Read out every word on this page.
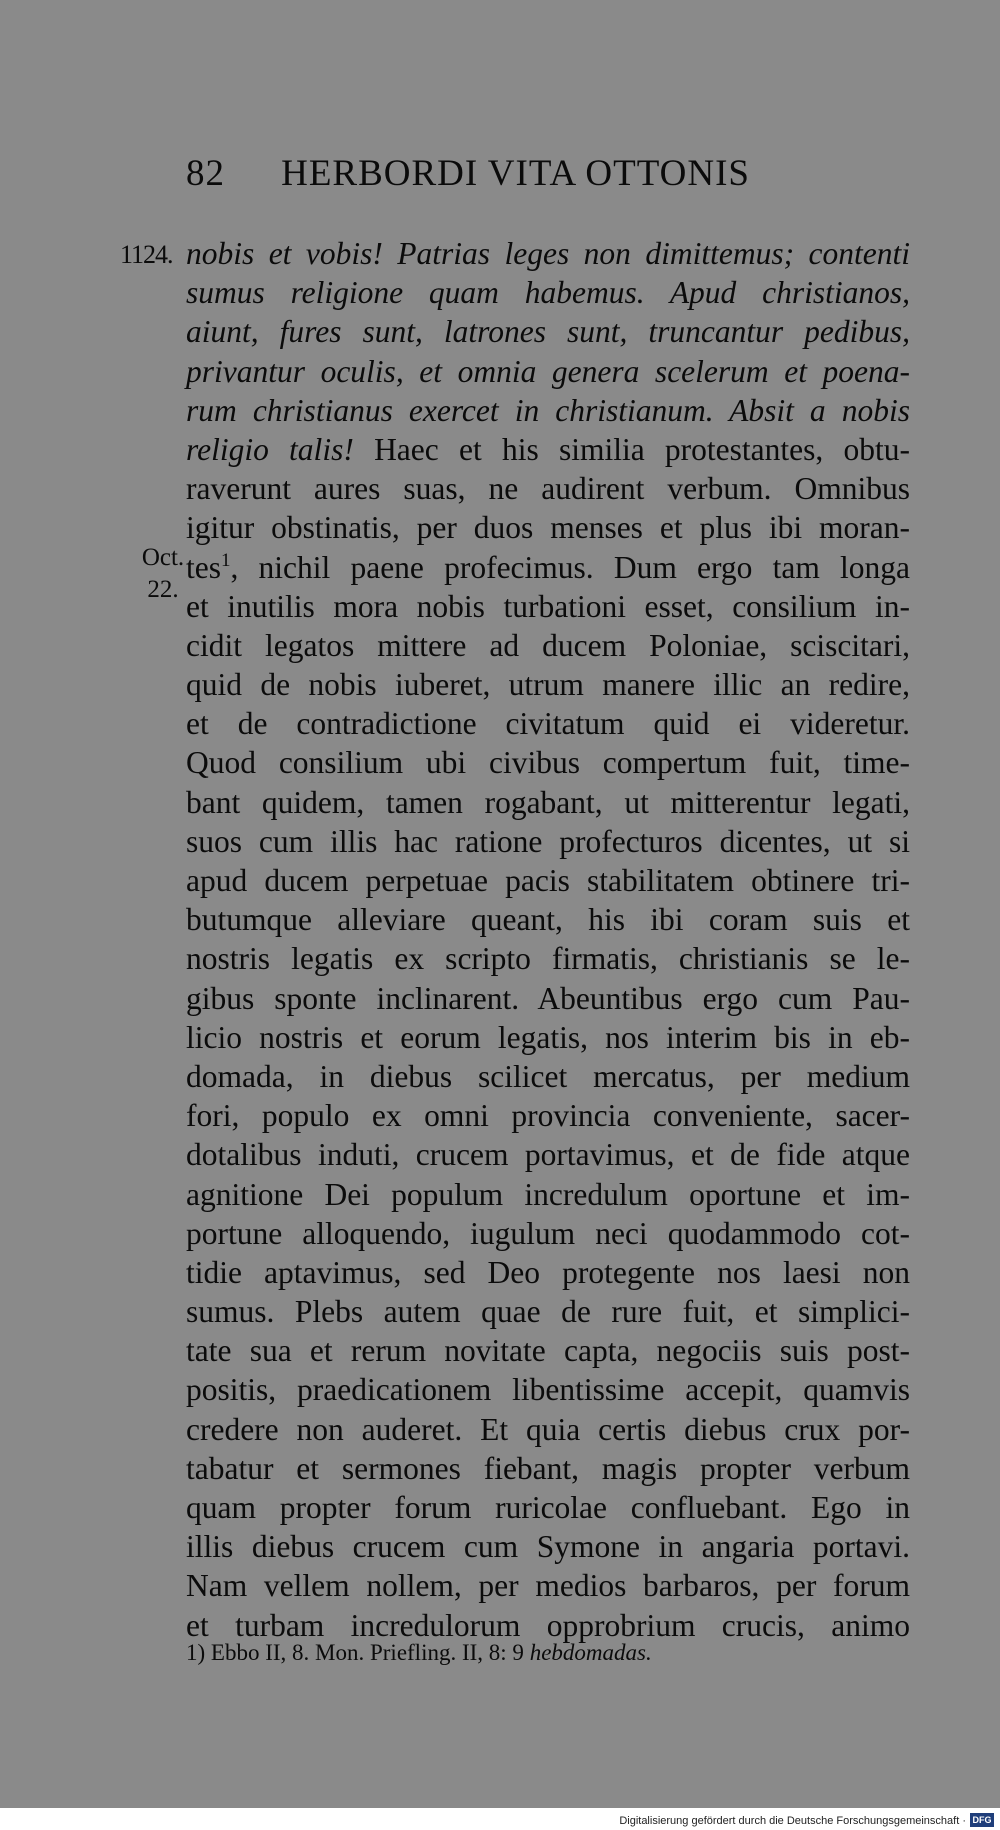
82 HERBORDI VITA OTTONIS
1124.
Oct.
22.
nobis et vobis! Patrias leges non dimittemus; contenti
sumus religione quam habemus. Apud christianos,
aiunt, fures sunt, latrones sunt, truncantur pedibus,
privantur oculis, et omnia genera scelerum et poena-
rum christianus exercet in christianum. Absit a nobis
religio talis! Haec et his similia protestantes, obtu-
raverunt aures suas, ne audirent verbum. Omnibus
igitur obstinatis, per duos menses et plus ibi moran-
tes$^1$, nichil paene profecimus. Dum ergo tam longa
et inutilis mora nobis turbationi esset, consilium in-
cidit legatos mittere ad ducem Poloniae, sciscitari,
quid de nobis iuberet, utrum manere illic an redire,
et de contradictione civitatum quid ei videretur.
Quod consilium ubi civibus compertum fuit, time-
bant quidem, tamen rogabant, ut mitterentur legati,
suos cum illis hac ratione profecturos dicentes, ut si
apud ducem perpetuae pacis stabilitatem obtinere tri-
butumque alleviare queant, his ibi coram suis et
nostris legatis ex scripto firmatis, christianis se le-
gibus sponte inclinarent. Abeuntibus ergo cum Pau-
licio nostris et eorum legatis, nos interim bis in eb-
domada, in diebus scilicet mercatus, per medium
fori, populo ex omni provincia conveniente, sacer-
dotalibus induti, crucem portavimus, et de fide atque
agnitione Dei populum incredulum oportune et im-
portune alloquendo, iugulum neci quodammodo cot-
tidie aptavimus, sed Deo protegente nos laesi non
sumus. Plebs autem quae de rure fuit, et simplici-
tate sua et rerum novitate capta, negociis suis post-
positis, praedicationem libentissime accepit, quamvis
credere non auderet. Et quia certis diebus crux por-
tabatur et sermones fiebant, magis propter verbum
quam propter forum ruricolae confluebant. Ego in
illis diebus crucem cum Symone in angaria portavi.
Nam vellem nollem, per medios barbaros, per forum
et turbam incredulorum opprobrium crucis, animo
1) Ebbo II, 8. Mon. Priefling. II, 8: 9 hebdomadas.
Digitalisierung gefördert durch die Deutsche Forschungsgemeinschaft · DFG
